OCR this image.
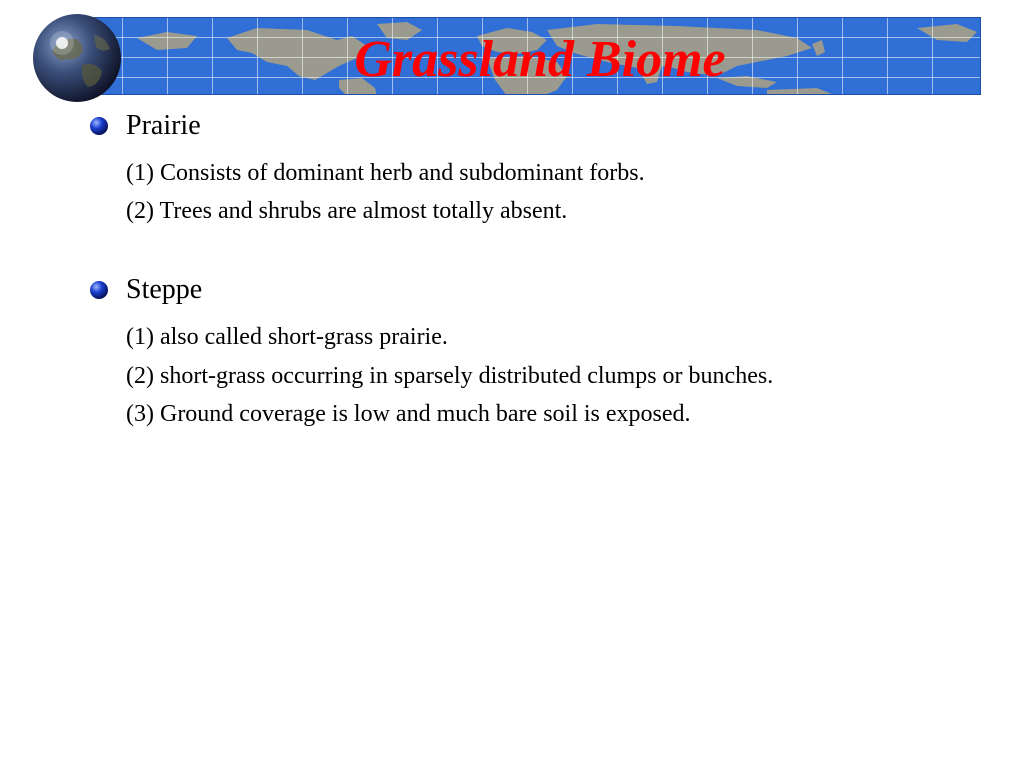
Grassland Biome
Prairie
(1) Consists of dominant herb and subdominant forbs.
(2) Trees and shrubs are almost totally absent.
Steppe
(1) also called short-grass prairie.
(2) short-grass occurring in sparsely distributed clumps or bunches.
(3) Ground coverage is low and much bare soil is exposed.
